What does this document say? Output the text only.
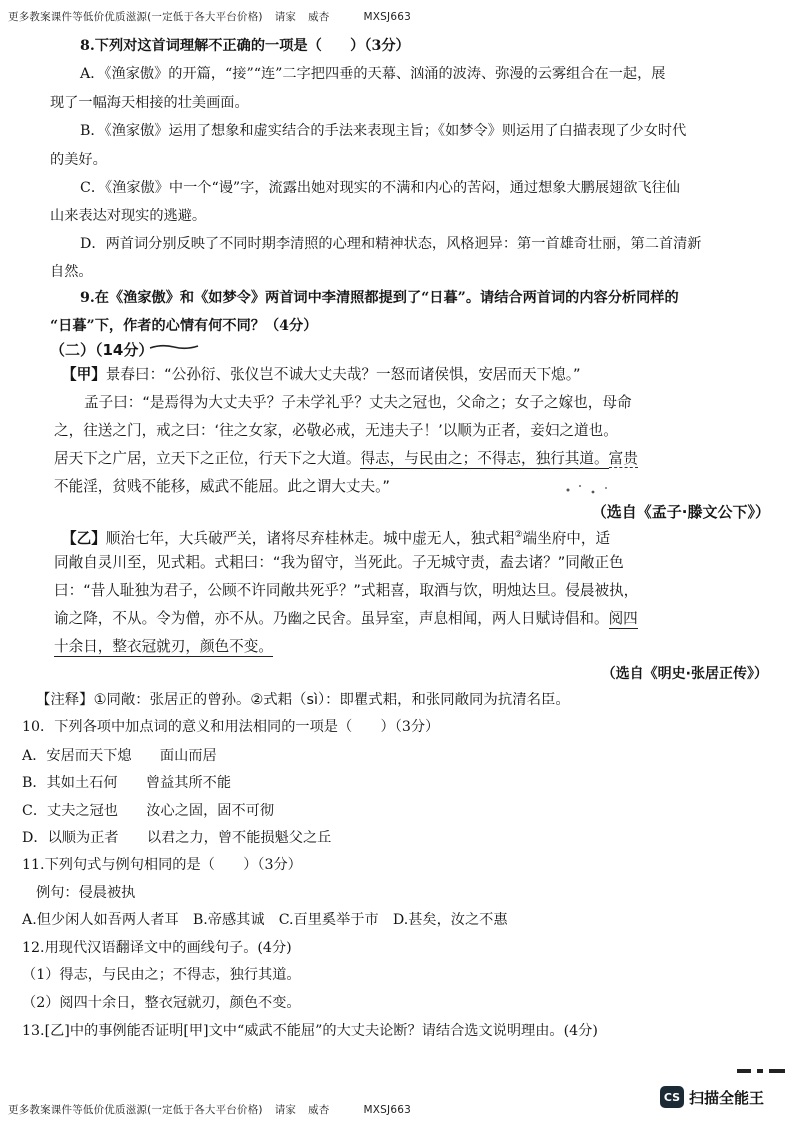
更多教案课件等低价优质滋源(一定低于各大平台价格) 请家 威杏	MXSJ663
8.下列对这首词理解不正确的一项是（　　）（3分）
A．《渔家傲》的开篇，“接”“连”二字把四垂的天幕、汹涌的波涛、弥漫的云雾组合在一起，展
现了一幅海天相接的壮美画面。
B．《渔家傲》运用了想象和虚实结合的手法来表现主旨；《如梦令》则运用了白描表现了少女时代
的美好。
C．《渔家傲》中一个“谩”字，流露出她对现实的不满和内心的苦闷，通过想象大鹏展翅欲飞往仙
山来表达对现实的逃避。
D．两首词分别反映了不同时期李清照的心理和精神状态，风格迥异：第一首雄奇壮丽，第二首清新
自然。
9.在《渔家傲》和《如梦令》两首词中李清照都提到了“日暮”。请结合两首词的内容分析同样的
“日暮”下，作者的心情有何不同？（4分）
（二）（14分）
【甲】景春曰：“公孙衍、张仪岂不诚大丈夫哉？一怒而诸侯惧，安居而天下熄。”
孟子曰：“是焉得为大丈夫乎？子未学礼乎？丈夫之冠也，父命之；女子之嫁也，母命
之，往送之门，戒之曰：‘往之女家，必敬必戒，无违夫子！’以顺为正者，妾妇之道也。
居天下之广居，立天下之正位，行天下之大道。得志，与民由之；不得志，独行其道。富贵
不能淫，贫贱不能移，威武不能屈。此之谓大丈夫。”
（选自《孟子·滕文公下》）
【乙】顺治七年，大兵破严关，诸将尽弃桂林走。城中虚无人，独式耜②端坐府中，适
同敞自灵川至，见式耜。式耜曰：“我为留守，当死此。子无城守责，盍去诸？”同敞正色
曰：“昔人耻独为君子，公顾不许同敞共死乎？”式耜喜，取酒与饮，明烛达旦。侵晨被执，
谕之降，不从。令为僧，亦不从。乃幽之民舍。虽异室，声息相闻，两人日赋诗倡和。阅四
十余日，整衣冠就刃，颜色不变。
（选自《明史·张居正传》）
【注释】①同敞：张居正的曾孙。②式耜（sì）：即瞿式耜，和张同敞同为抗清名臣。
10．下列各项中加点词的意义和用法相同的一项是（　　）（3分）
A．安居而天下熄　　面山而居
B．其如土石何　　曾益其所不能
C．丈夫之冠也　　汝心之固，固不可彻
D．以顺为正者　　以君之力，曾不能损魁父之丘
11.下列句式与例句相同的是（　　）（3分）
例句：侵晨被执
A.但少闲人如吾两人者耳　B.帝感其诚　C.百里奚举于市　D.甚矣，汝之不惠
12.用现代汉语翻译文中的画线句子。(4分)
（1）得志，与民由之；不得志，独行其道。
（2）阅四十余日，整衣冠就刃，颜色不变。
13.[乙]中的事例能否证明[甲]文中“威武不能屈”的大丈夫论断？请结合选文说明理由。(4分)
更多教案课件等低价优质滋源(一定低于各大平台价格) 请家 威杏	MXSJ663
CS 扫描全能王
